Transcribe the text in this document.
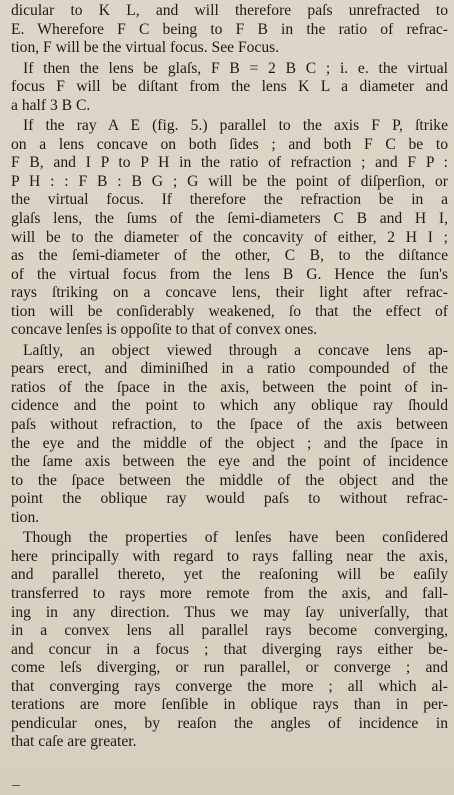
dicular to K L, and will therefore paſs unrefracted to
E. Wherefore F C being to F B in the ratio of refrac-
tion, F will be the virtual focus. See Focus.
If then the lens be glaſs, F B = 2 B C ; i. e. the virtual
focus F will be diſtant from the lens K L a diameter and
a half 3 B C.
If the ray A E (fig. 5.) parallel to the axis F P, ſtrike
on a lens concave on both ſides ; and both F C be to
F B, and I P to P H in the ratio of refraction ; and F P :
P H : : F B : B G ; G will be the point of diſperſion, or
the virtual focus. If therefore the refraction be in a
glaſs lens, the ſums of the ſemi-diameters C B and H I,
will be to the diameter of the concavity of either, 2 H I ;
as the ſemi-diameter of the other, C B, to the diſtance
of the virtual focus from the lens B G. Hence the ſun's
rays ſtriking on a concave lens, their light after refrac-
tion will be conſiderably weakened, ſo that the effect of
concave lenſes is oppoſite to that of convex ones.
Laſtly, an object viewed through a concave lens ap-
pears erect, and diminiſhed in a ratio compounded of the
ratios of the ſpace in the axis, between the point of in-
cidence and the point to which any oblique ray ſhould
paſs without refraction, to the ſpace of the axis between
the eye and the middle of the object ; and the ſpace in
the ſame axis between the eye and the point of incidence
to the ſpace between the middle of the object and the
point the oblique ray would paſs to without refrac-
tion.
Though the properties of lenſes have been conſidered
here principally with regard to rays falling near the axis,
and parallel thereto, yet the reaſoning will be eaſily
transferred to rays more remote from the axis, and fall-
ing in any direction. Thus we may ſay univerſally, that
in a convex lens all parallel rays become converging,
and concur in a focus ; that diverging rays either be-
come leſs diverging, or run parallel, or converge ; and
that converging rays converge the more ; all which al-
terations are more ſenſible in oblique rays than in per-
pendicular ones, by reaſon the angles of incidence in
that caſe are greater.
